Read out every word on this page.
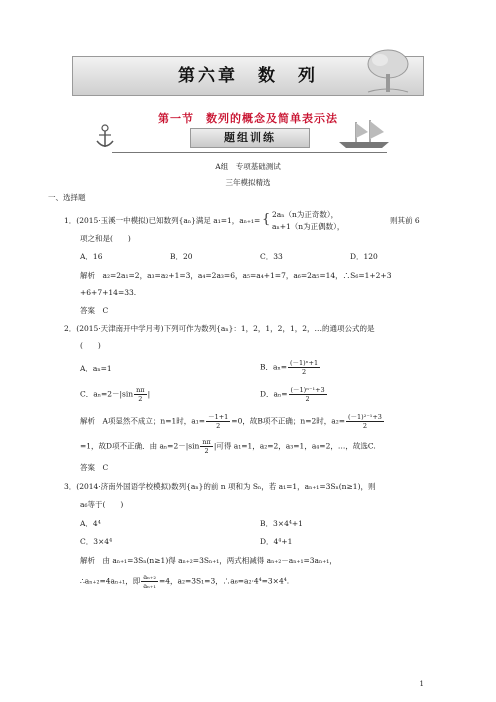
第六章　数　列
第一节　数列的概念及简单表示法
题组训练
A组　专项基础测试
三年模拟精选
一、选择题
1．(2015·玉溪一中模拟)已知数列{aₙ}满足 a₁=1，aₙ₊₁= { 2aₙ（n为正奇数），
aₙ+1（n为正偶数），
则其前 6
项之和是(　　)
A．16	B．20	C．33	D．120
解析　a₂=2a₁=2，a₃=a₂+1=3，a₄=2a₃=6，a₅=a₄+1=7，a₆=2a₅=14，∴S₆=1+2+3
+6+7+14=33.
答案　C
2．(2015·天津南开中学月考)下列可作为数列{aₙ}：1，2，1，2，1，2，…的通项公式的是
(　　)
A．aₙ=1	B．$a_n= \frac{\text{(－1)ⁿ+1}}{2}$
C．$a_n=2-|\sin \frac{n\pi}{2}$ |	D．$a_n= \frac{\text{(－1)ⁿ⁻¹+3}}{2}$
解析　A项显然不成立；n=1时，$a_1= \frac{-1+1}{2} =0$，故B项不正确；n=2时，$a_2= \frac{\text{(－1)²⁻¹+3}}{2}$
=1，故D项不正确．由 $a_n=2-|\sin \frac{n\pi}{2}$ |可得 a₁=1，a₂=2，a₃=1，a₄=2，…，故选C.
答案　C
3．(2014·济南外国语学校模拟)数列{aₙ}的前 n 项和为 Sₙ，若 a₁=1，aₙ₊₁=3Sₙ(n≥1)，则
a₆等于(　　)
A．4⁴	B．3×4⁴+1
C．3×4⁴	D．4⁴+1
解析　由 aₙ₊₁=3Sₙ(n≥1)得 aₙ₊₂=3Sₙ₊₁，两式相减得 aₙ₊₂－aₙ₊₁=3aₙ₊₁，
∴aₙ₊₂=4aₙ₊₁，即 $\frac{\text{aₙ₊₂}}{\text{aₙ₊₁}} =4$，a₂=3S₁=3，∴a₆=a₂·4⁴=3×4⁴.
1
